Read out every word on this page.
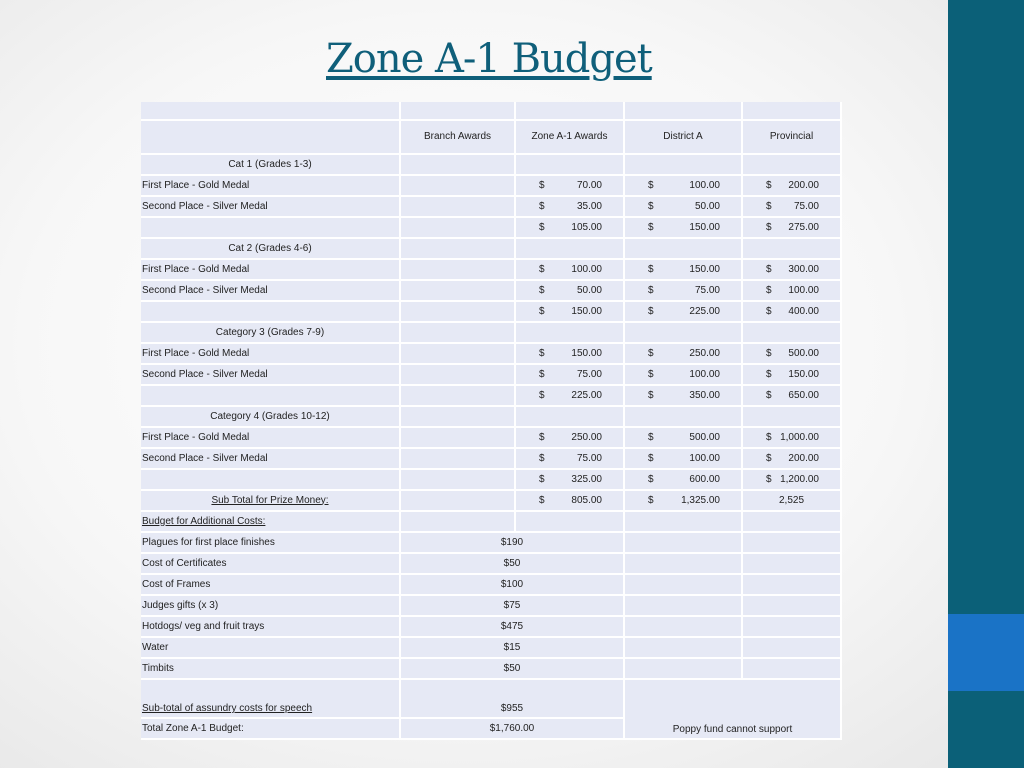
Zone A-1 Budget

	Branch Awards	Zone A-1 Awards	District A	Provincial
Cat 1 (Grades 1-3)				
First Place - Gold Medal		$ 70.00	$ 100.00	$ 200.00

Second Place - Silver Medal		$ 35.00	$ 50.00	$ 75.00

		$ 105.00	$ 150.00	$ 275.00

Cat 2 (Grades 4-6)				
First Place - Gold Medal		$ 100.00	$ 150.00	$ 300.00

Second Place - Silver Medal		$ 50.00	$ 75.00	$ 100.00

		$ 150.00	$ 225.00	$ 400.00

Category 3 (Grades 7-9)				
First Place - Gold Medal		$ 150.00	$ 250.00	$ 500.00

Second Place - Silver Medal		$ 75.00	$ 100.00	$ 150.00

		$ 225.00	$ 350.00	$ 650.00

Category 4 (Grades 10-12)				
First Place - Gold Medal		$ 250.00	$ 500.00	$ 1,000.00

Second Place - Silver Medal		$ 75.00	$ 100.00	$ 200.00

		$ 325.00	$ 600.00	$ 1,200.00

Sub Total for Prize Money:		$ 805.00	$ 1,325.00	2,525
Budget for Additional Costs:				
Plagues for first place finishes	$190			
Cost of Certificates	$50			
Cost of Frames	$100			
Judges gifts (x 3)	$75			
Hotdogs/ veg and fruit trays	$475			
Water	$15			
Timbits	$50			
Sub-total of assundry costs for speech	$955		Poppy fund cannot support	
Total Zone A-1 Budget:	$1,760.00			
